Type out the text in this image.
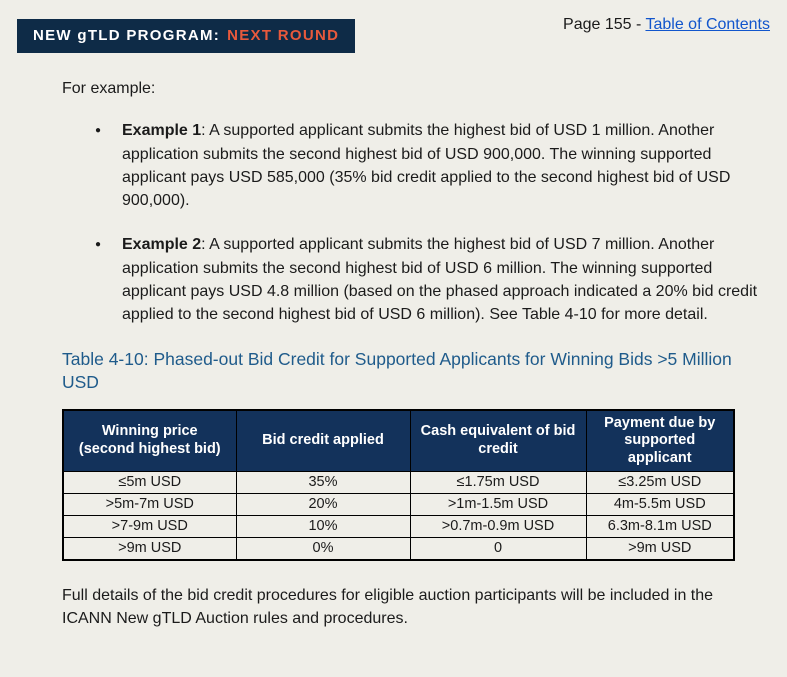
NEW gTLD PROGRAM: NEXT ROUND
Page 155 - Table of Contents

For example:

●	Example 1: A supported applicant submits the highest bid of USD 1 million. Another application submits the second highest bid of USD 900,000. The winning supported applicant pays USD 585,000 (35% bid credit applied to the second highest bid of USD 900,000).
●	Example 2: A supported applicant submits the highest bid of USD 7 million. Another application submits the second highest bid of USD 6 million. The winning supported applicant pays USD 4.8 million (based on the phased approach indicated a 20% bid credit applied to the second highest bid of USD 6 million). See Table 4-10 for more detail.
Table 4-10: Phased-out Bid Credit for Supported Applicants for Winning Bids >5 Million USD
Winning price (second highest bid)	Bid credit applied	Cash equivalent of bid credit	Payment due by supported applicant
≤5m USD	35%	≤1.75m USD	≤3.25m USD
>5m-7m USD	20%	>1m-1.5m USD	4m-5.5m USD
>7-9m USD	10%	>0.7m-0.9m USD	6.3m-8.1m USD
>9m USD	0%	0	>9m USD

Full details of the bid credit procedures for eligible auction participants will be included in the ICANN New gTLD Auction rules and procedures.
